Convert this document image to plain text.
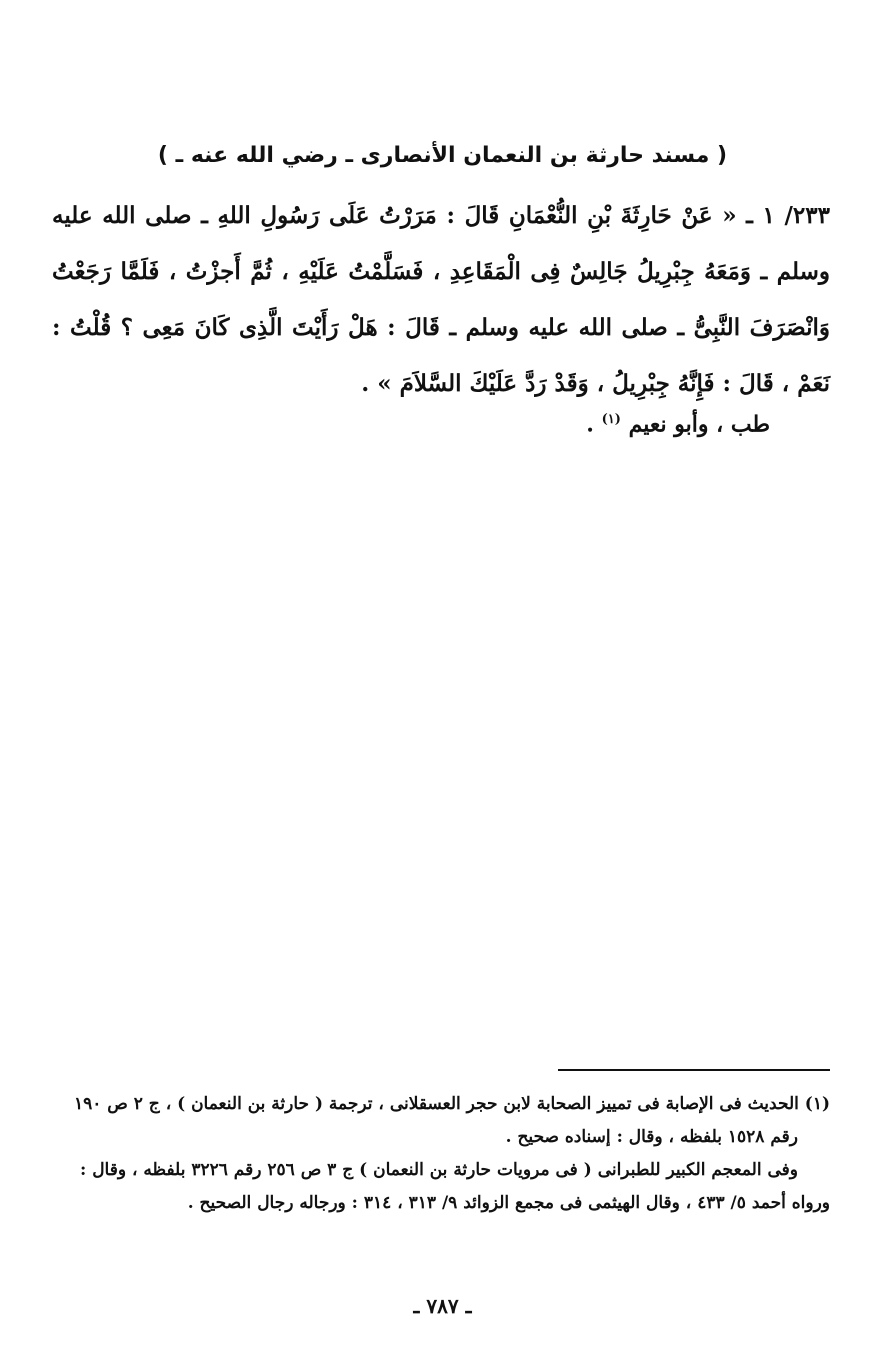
( مسند حارثة بن النعمان الأنصارى ـ رضي الله عنه ـ )
٢٣٣/ ١ ـ « عَنْ حَارِثَةَ بْنِ النُّعْمَانِ قَالَ : مَرَرْتُ عَلَى رَسُولِ اللهِ ـ صلى الله عليه وسلم ـ وَمَعَهُ جِبْرِيلُ جَالِسٌ فِى الْمَقَاعِدِ ، فَسَلَّمْتُ عَلَيْهِ ، ثُمَّ أَجزْتُ ، فَلَمَّا رَجَعْتُ وَانْصَرَفَ النَّبِىُّ ـ صلى الله عليه وسلم ـ قَالَ : هَلْ رَأَيْتَ الَّذِى كَانَ مَعِى ؟ قُلْتُ : نَعَمْ ، قَالَ : فَإِنَّهُ جِبْرِيلُ ، وَقَدْ رَدَّ عَلَيْكَ السَّلاَمَ » .
طب ، وأبو نعيم $^{(١)}$ .
(١) الحديث فى الإصابة فى تمييز الصحابة لابن حجر العسقلانى ، ترجمة ( حارثة بن النعمان ) ، ج ٢ ص ١٩٠
رقم ١٥٢٨ بلفظه ، وقال : إسناده صحيح .
وفى المعجم الكبير للطبرانى ( فى مرويات حارثة بن النعمان ) ج ٣ ص ٢٥٦ رقم ٣٢٢٦ بلفظه ، وقال :
ورواه أحمد ٥/ ٤٣٣ ، وقال الهيثمى فى مجمع الزوائد ٩/ ٣١٣ ، ٣١٤ : ورجاله رجال الصحيح .
ـ ٧٨٧ ـ
